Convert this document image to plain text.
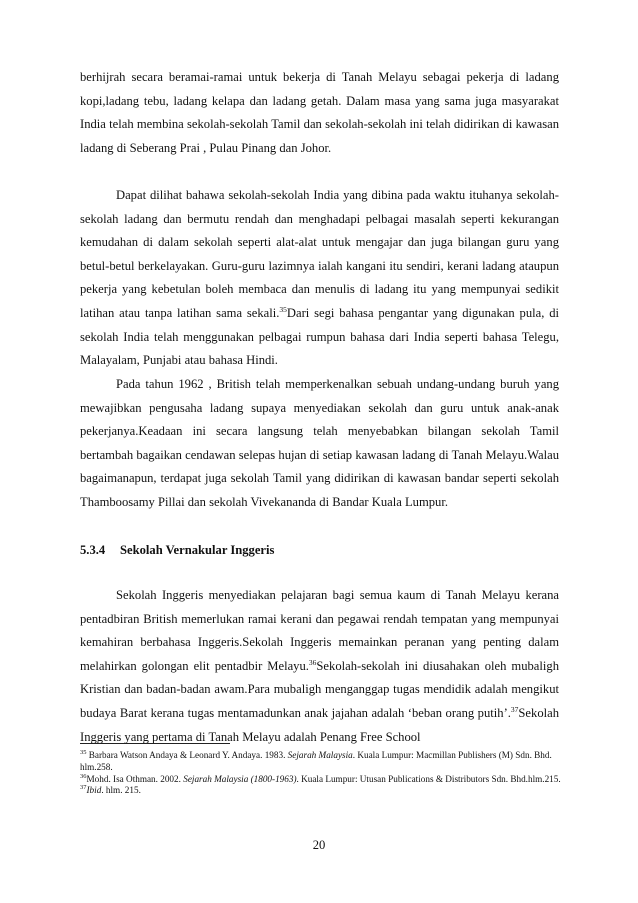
berhijrah secara beramai-ramai untuk bekerja di Tanah Melayu sebagai pekerja di ladang kopi,ladang tebu, ladang kelapa dan ladang getah. Dalam masa yang sama juga masyarakat India telah membina sekolah-sekolah Tamil dan sekolah-sekolah ini telah didirikan di kawasan ladang di Seberang Prai , Pulau Pinang dan Johor.

Dapat dilihat bahawa sekolah-sekolah India yang dibina pada waktu ituhanya sekolah-sekolah ladang dan bermutu rendah dan menghadapi pelbagai masalah seperti kekurangan kemudahan di dalam sekolah seperti alat-alat untuk mengajar dan juga bilangan guru yang betul-betul berkelayakan. Guru-guru lazimnya ialah kangani itu sendiri, kerani ladang ataupun pekerja yang kebetulan boleh membaca dan menulis di ladang itu yang mempunyai sedikit latihan atau tanpa latihan sama sekali.$^{35}$Dari segi bahasa pengantar yang digunakan pula, di sekolah India telah menggunakan pelbagai rumpun bahasa dari India seperti bahasa Telegu, Malayalam, Punjabi atau bahasa Hindi.

Pada tahun 1962 , British telah memperkenalkan sebuah undang-undang buruh yang mewajibkan pengusaha ladang supaya menyediakan sekolah dan guru untuk anak-anak pekerjanya.Keadaan ini secara langsung telah menyebabkan bilangan sekolah Tamil bertambah bagaikan cendawan selepas hujan di setiap kawasan ladang di Tanah Melayu.Walau bagaimanapun, terdapat juga sekolah Tamil yang didirikan di kawasan bandar seperti sekolah Thamboosamy Pillai dan sekolah Vivekananda di Bandar Kuala Lumpur.

5.3.4 Sekolah Vernakular Inggeris

Sekolah Inggeris menyediakan pelajaran bagi semua kaum di Tanah Melayu kerana pentadbiran British memerlukan ramai kerani dan pegawai rendah tempatan yang mempunyai kemahiran berbahasa Inggeris.Sekolah Inggeris memainkan peranan yang penting dalam melahirkan golongan elit pentadbir Melayu.$^{36}$Sekolah-sekolah ini diusahakan oleh mubaligh Kristian dan badan-badan awam.Para mubaligh menganggap tugas mendidik adalah mengikut budaya Barat kerana tugas mentamadunkan anak jajahan adalah ‘beban orang putih’.$^{37}$Sekolah Inggeris yang pertama di Tanah Melayu adalah Penang Free School

$^{35}$ Barbara Watson Andaya & Leonard Y. Andaya. 1983. Sejarah Malaysia. Kuala Lumpur: Macmillan Publishers (M) Sdn. Bhd. hlm.258.

$^{36}$Mohd. Isa Othman. 2002. Sejarah Malaysia (1800-1963). Kuala Lumpur: Utusan Publications & Distributors Sdn. Bhd.hlm.215.

$^{37}$Ibid. hlm. 215.

20
